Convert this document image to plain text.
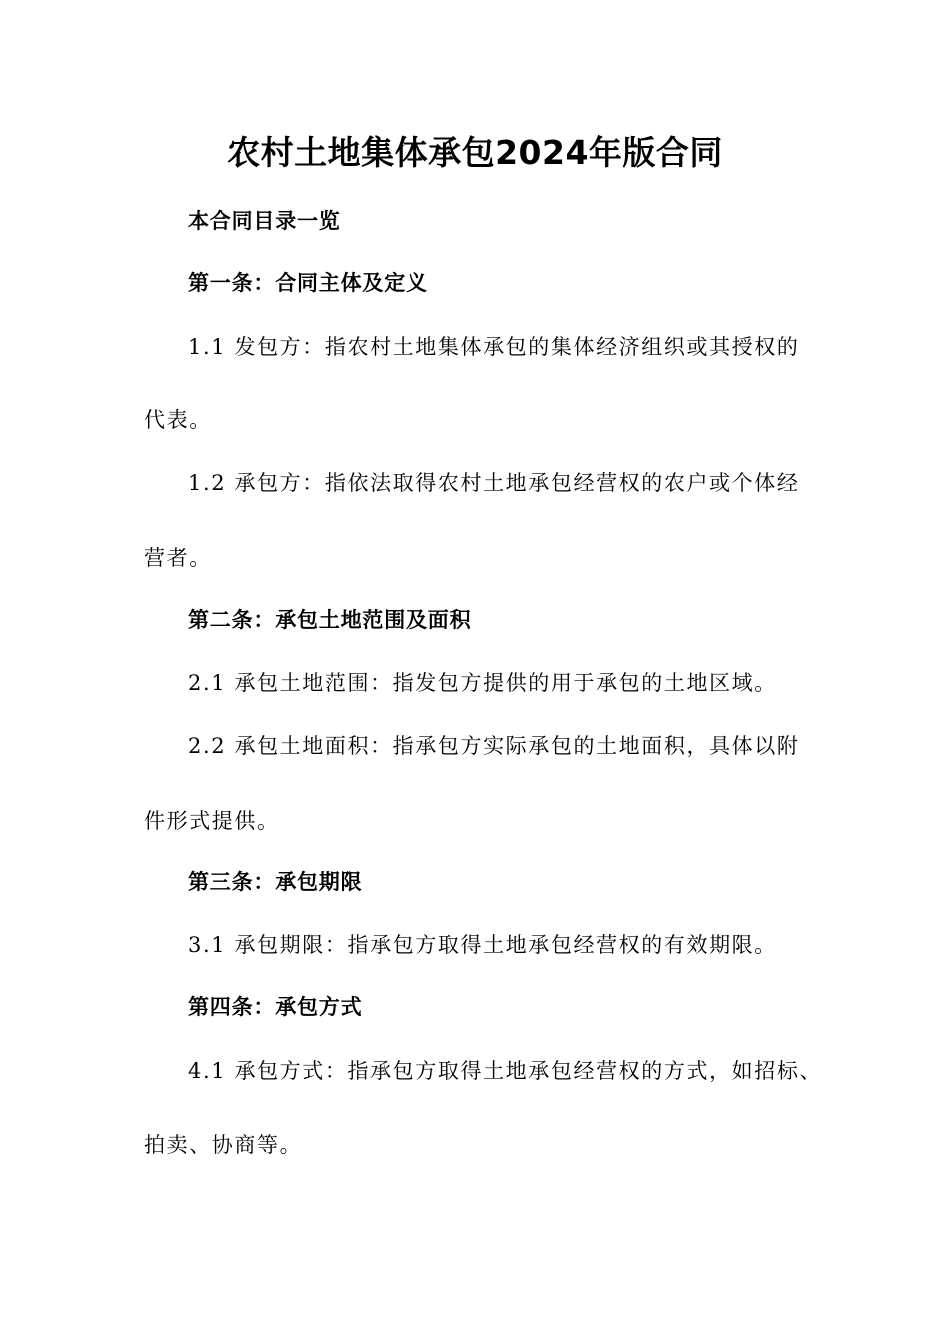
农村土地集体承包2024年版合同
本合同目录一览
第一条：合同主体及定义
1.1 发包方：指农村土地集体承包的集体经济组织或其授权的
代表。
1.2 承包方：指依法取得农村土地承包经营权的农户或个体经
营者。
第二条：承包土地范围及面积
2.1 承包土地范围：指发包方提供的用于承包的土地区域。
2.2 承包土地面积：指承包方实际承包的土地面积，具体以附
件形式提供。
第三条：承包期限
3.1 承包期限：指承包方取得土地承包经营权的有效期限。
第四条：承包方式
4.1 承包方式：指承包方取得土地承包经营权的方式，如招标、
拍卖、协商等。
